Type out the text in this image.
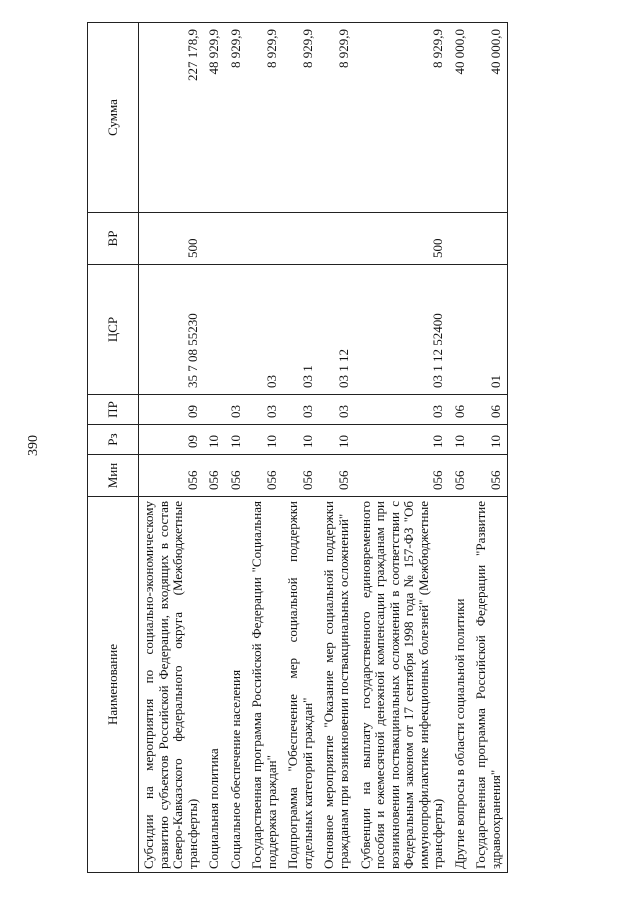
390
Наименование	Мин	Рз	ПР	ЦСР	ВР	Сумма
Субсидии на мероприятия по социально-экономическому развитию субъектов Российской Федерации, входящих в состав Северо-Кавказского федерального округа (Межбюджетные трансферты)	056	09	09	35 7 08 55230	500	227 178,9
Социальная политика	056	10				48 929,9
Социальное обеспечение населения	056	10	03			8 929,9
Государственная программа Российской Федерации "Социальная поддержка граждан"	056	10	03	03		8 929,9
Подпрограмма "Обеспечение мер социальной поддержки отдельных категорий граждан"	056	10	03	03 1		8 929,9
Основное мероприятие "Оказание мер социальной поддержки гражданам при возникновении поствакцинальных осложнений"	056	10	03	03 1 12		8 929,9
Субвенции на выплату государственного единовременного пособия и ежемесячной денежной компенсации гражданам при возникновении поствакцинальных осложнений в соответствии с Федеральным законом от 17 сентября 1998 года № 157-ФЗ "Об иммунопрофилактике инфекционных болезней" (Межбюджетные трансферты)	056	10	03	03 1 12 52400	500	8 929,9
Другие вопросы в области социальной политики	056	10	06			40 000,0
Государственная программа Российской Федерации "Развитие здравоохранения"	056	10	06	01		40 000,0
